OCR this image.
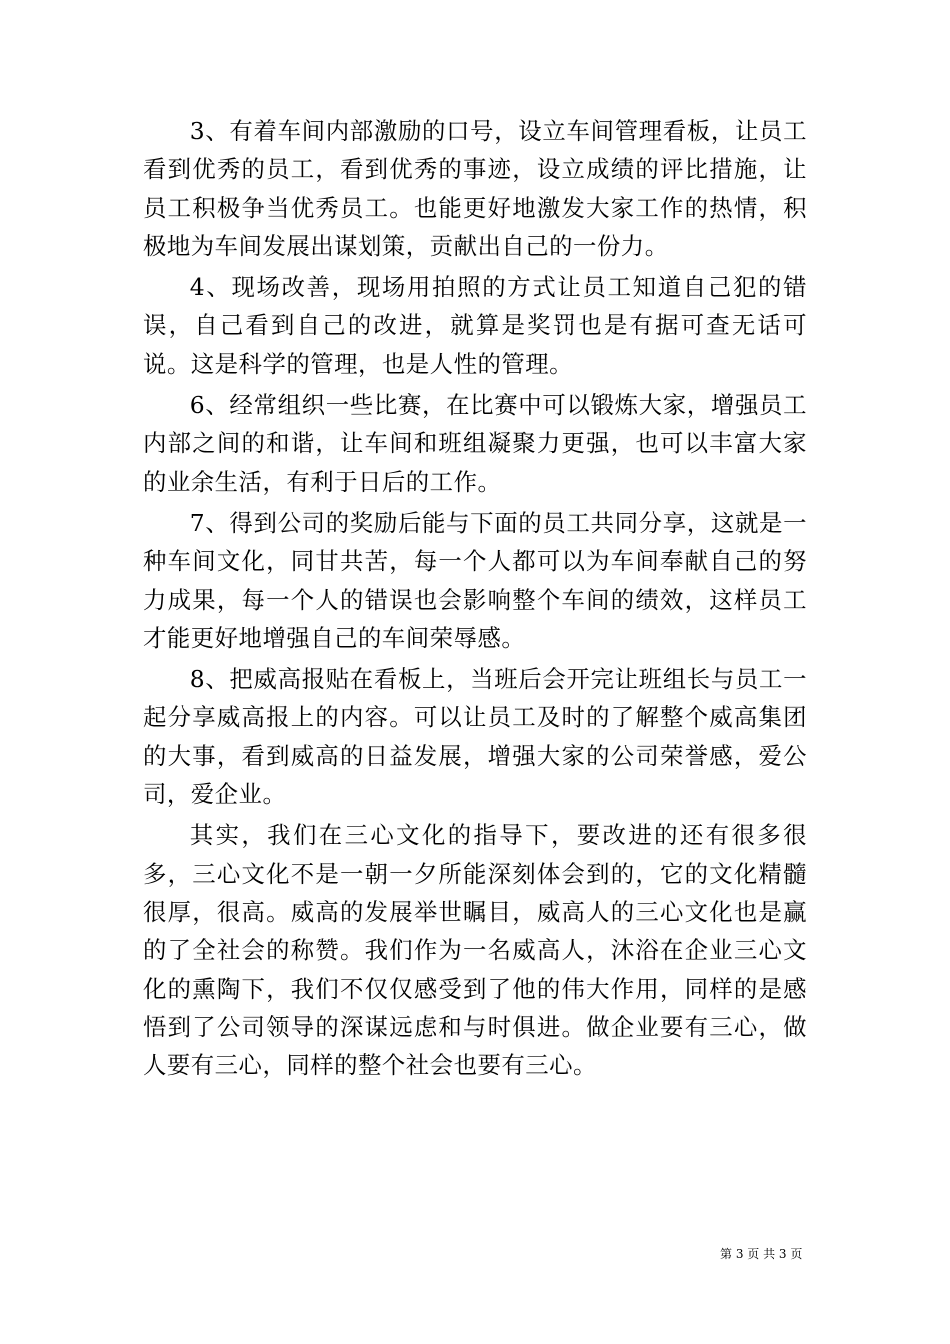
3、有着车间内部激励的口号，设立车间管理看板，让员工看到优秀的员工，看到优秀的事迹，设立成绩的评比措施，让员工积极争当优秀员工。也能更好地激发大家工作的热情，积极地为车间发展出谋划策，贡献出自己的一份力。

4、现场改善，现场用拍照的方式让员工知道自己犯的错误，自己看到自己的改进，就算是奖罚也是有据可查无话可说。这是科学的管理，也是人性的管理。

6、经常组织一些比赛，在比赛中可以锻炼大家，增强员工内部之间的和谐，让车间和班组凝聚力更强，也可以丰富大家的业余生活，有利于日后的工作。

7、得到公司的奖励后能与下面的员工共同分享，这就是一种车间文化，同甘共苦，每一个人都可以为车间奉献自己的努力成果，每一个人的错误也会影响整个车间的绩效，这样员工才能更好地增强自己的车间荣辱感。

8、把威高报贴在看板上，当班后会开完让班组长与员工一起分享威高报上的内容。可以让员工及时的了解整个威高集团的大事，看到威高的日益发展，增强大家的公司荣誉感，爱公司，爱企业。

其实，我们在三心文化的指导下，要改进的还有很多很多，三心文化不是一朝一夕所能深刻体会到的，它的文化精髓很厚，很高。威高的发展举世瞩目，威高人的三心文化也是赢的了全社会的称赞。我们作为一名威高人，沐浴在企业三心文化的熏陶下，我们不仅仅感受到了他的伟大作用，同样的是感悟到了公司领导的深谋远虑和与时俱进。做企业要有三心，做人要有三心，同样的整个社会也要有三心。

第 3 页 共 3 页
